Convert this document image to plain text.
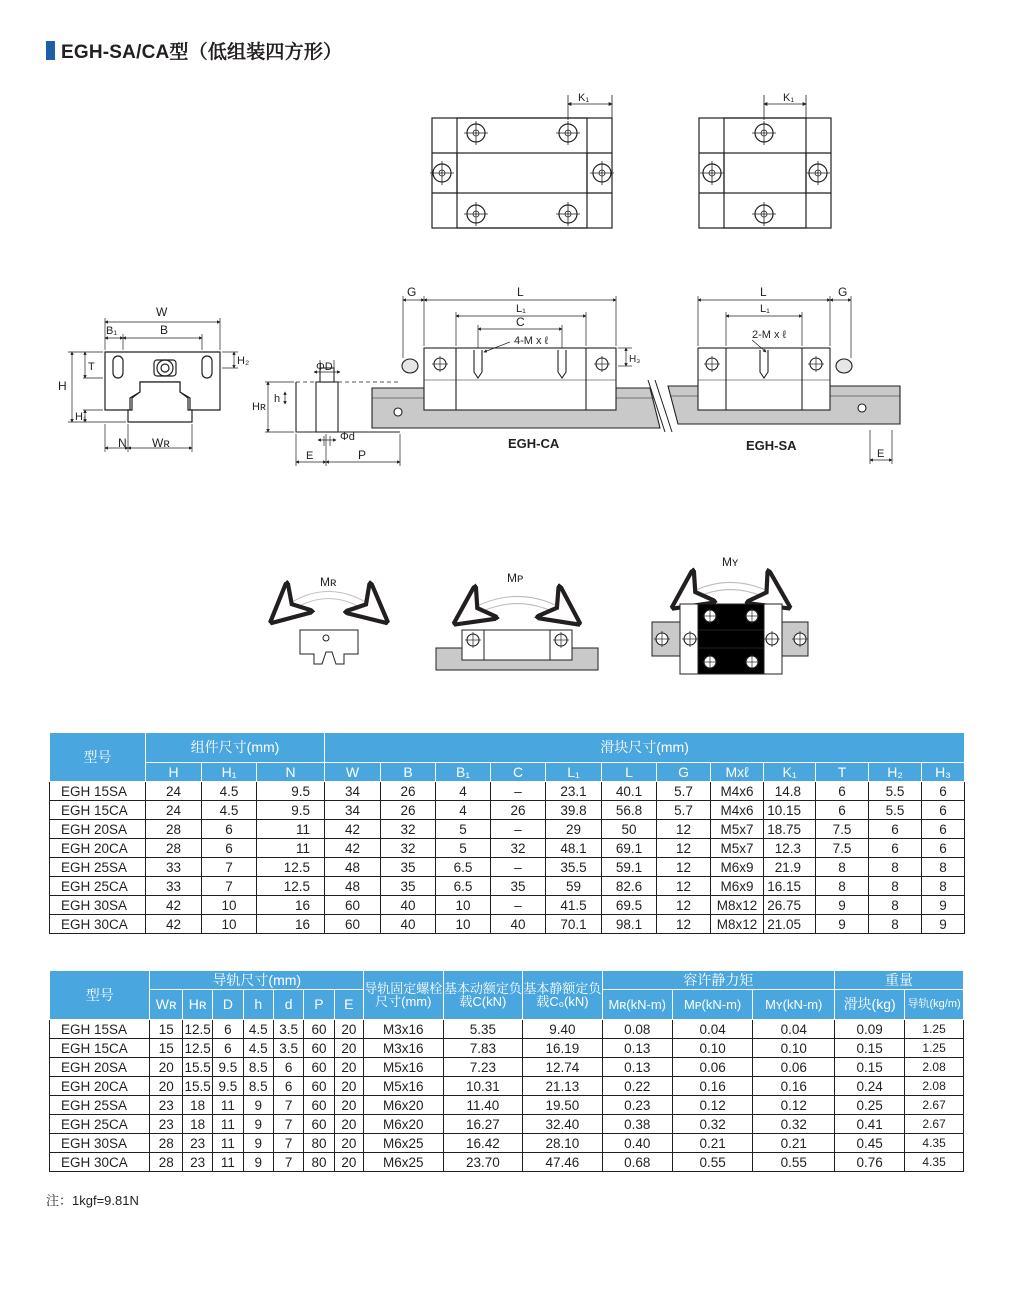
EGH-SA/CA型（低组装四方形）
K₁	K₁
W
B₁	B
H
T
H₁
H₂
N Wʀ
ΦD
Φd
Hʀ
h
E	P
G	L
L₁
C
4-M x ℓ
H₃
EGH-CA
L	G
L₁
2-M x ℓ
EGH-SA
E
Mʀ	Mᴘ
Mʏ
型号	组件尺寸(mm)			滑块尺寸(mm)											
	H	H₁	N	W	B	B₁	C	L₁	L	G	Mxℓ	K₁	T	H₂	H₃
EGH 15SA	24	4.5	9.5	34	26	4	–	23.1	40.1	5.7	M4x6	14.8	6	5.5	6
EGH 15CA	24	4.5	9.5	34	26	4	26	39.8	56.8	5.7	M4x6	10.15	6	5.5	6
EGH 20SA	28	6	11	42	32	5	–	29	50	12	M5x7	18.75	7.5	6	6
EGH 20CA	28	6	11	42	32	5	32	48.1	69.1	12	M5x7	12.3	7.5	6	6
EGH 25SA	33	7	12.5	48	35	6.5	–	35.5	59.1	12	M6x9	21.9	8	8	8
EGH 25CA	33	7	12.5	48	35	6.5	35	59	82.6	12	M6x9	16.15	8	8	8
EGH 30SA	42	10	16	60	40	10	–	41.5	69.5	12	M8x12	26.75	9	8	9
EGH 30CA	42	10	16	60	40	10	40	70.1	98.1	12	M8x12	21.05	9	8	9
型号	导轨尺寸(mm)							导轨固定螺栓尺寸(mm)	基本动额定负载C(kN)	基本静额定负载C₀(kN)	容许静力矩			重量	
	Wʀ	Hʀ	D	h	d	P	E				Mʀ(kN-m)	Mᴘ(kN-m)	Mʏ(kN-m)	滑块(kg)	导轨(kg/m)
EGH 15SA	15	12.5	6	4.5	3.5	60	20	M3x16	5.35	9.40	0.08	0.04	0.04	0.09	1.25
EGH 15CA	15	12.5	6	4.5	3.5	60	20	M3x16	7.83	16.19	0.13	0.10	0.10	0.15	1.25
EGH 20SA	20	15.5	9.5	8.5	6	60	20	M5x16	7.23	12.74	0.13	0.06	0.06	0.15	2.08
EGH 20CA	20	15.5	9.5	8.5	6	60	20	M5x16	10.31	21.13	0.22	0.16	0.16	0.24	2.08
EGH 25SA	23	18	11	9	7	60	20	M6x20	11.40	19.50	0.23	0.12	0.12	0.25	2.67
EGH 25CA	23	18	11	9	7	60	20	M6x20	16.27	32.40	0.38	0.32	0.32	0.41	2.67
EGH 30SA	28	23	11	9	7	80	20	M6x25	16.42	28.10	0.40	0.21	0.21	0.45	4.35
EGH 30CA	28	23	11	9	7	80	20	M6x25	23.70	47.46	0.68	0.55	0.55	0.76	4.35
注：1kgf=9.81N
